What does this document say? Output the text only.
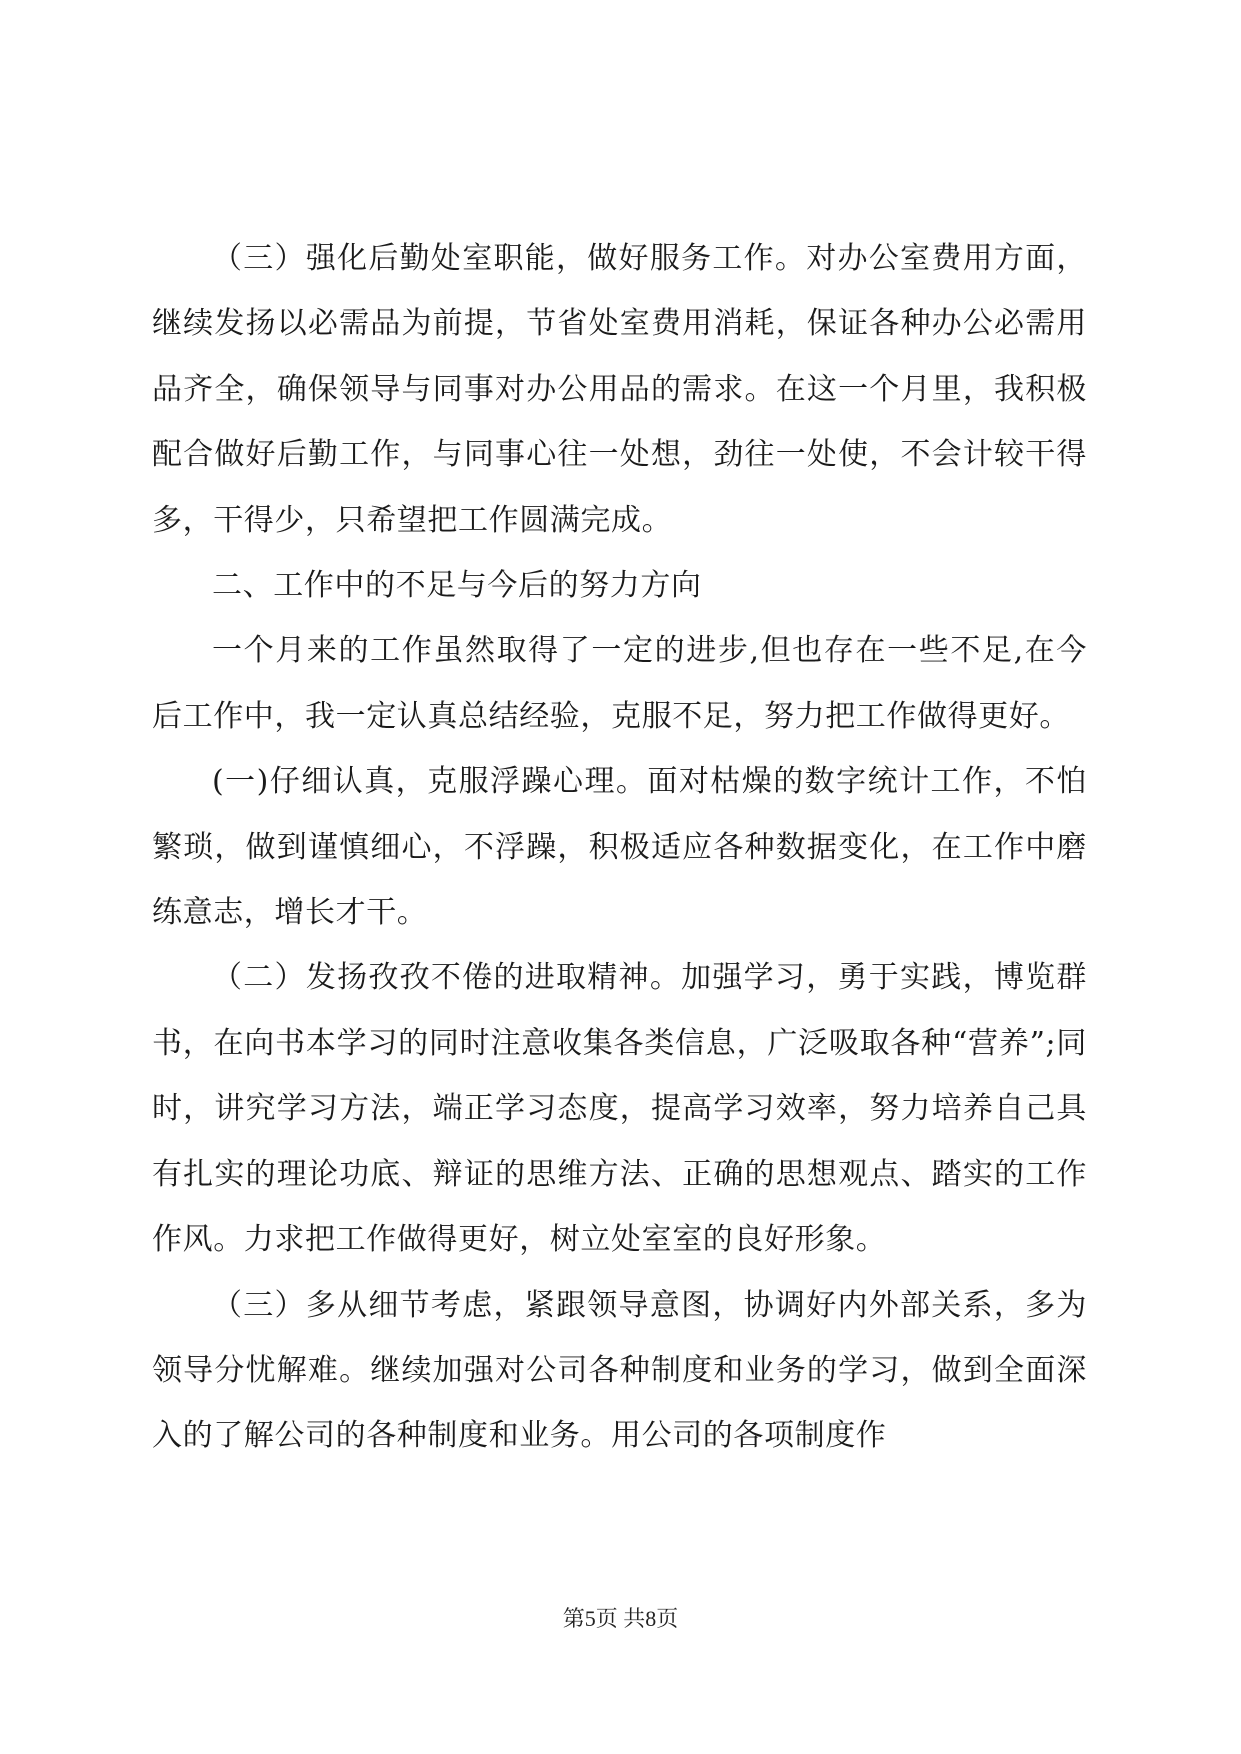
（三）强化后勤处室职能，做好服务工作。对办公室费用方面，继续发扬以必需品为前提，节省处室费用消耗，保证各种办公必需用品齐全，确保领导与同事对办公用品的需求。在这一个月里，我积极配合做好后勤工作，与同事心往一处想，劲往一处使，不会计较干得多，干得少，只希望把工作圆满完成。

二、工作中的不足与今后的努力方向

一个月来的工作虽然取得了一定的进步,但也存在一些不足,在今后工作中，我一定认真总结经验，克服不足，努力把工作做得更好。

(一)仔细认真，克服浮躁心理。面对枯燥的数字统计工作，不怕繁琐，做到谨慎细心，不浮躁，积极适应各种数据变化，在工作中磨练意志，增长才干。

（二）发扬孜孜不倦的进取精神。加强学习，勇于实践，博览群书，在向书本学习的同时注意收集各类信息，广泛吸取各种“营养”;同时，讲究学习方法，端正学习态度，提高学习效率，努力培养自己具有扎实的理论功底、辩证的思维方法、正确的思想观点、踏实的工作作风。力求把工作做得更好，树立处室室的良好形象。

（三）多从细节考虑，紧跟领导意图，协调好内外部关系，多为领导分忧解难。继续加强对公司各种制度和业务的学习，做到全面深入的了解公司的各种制度和业务。用公司的各项制度作

第5页 共8页
